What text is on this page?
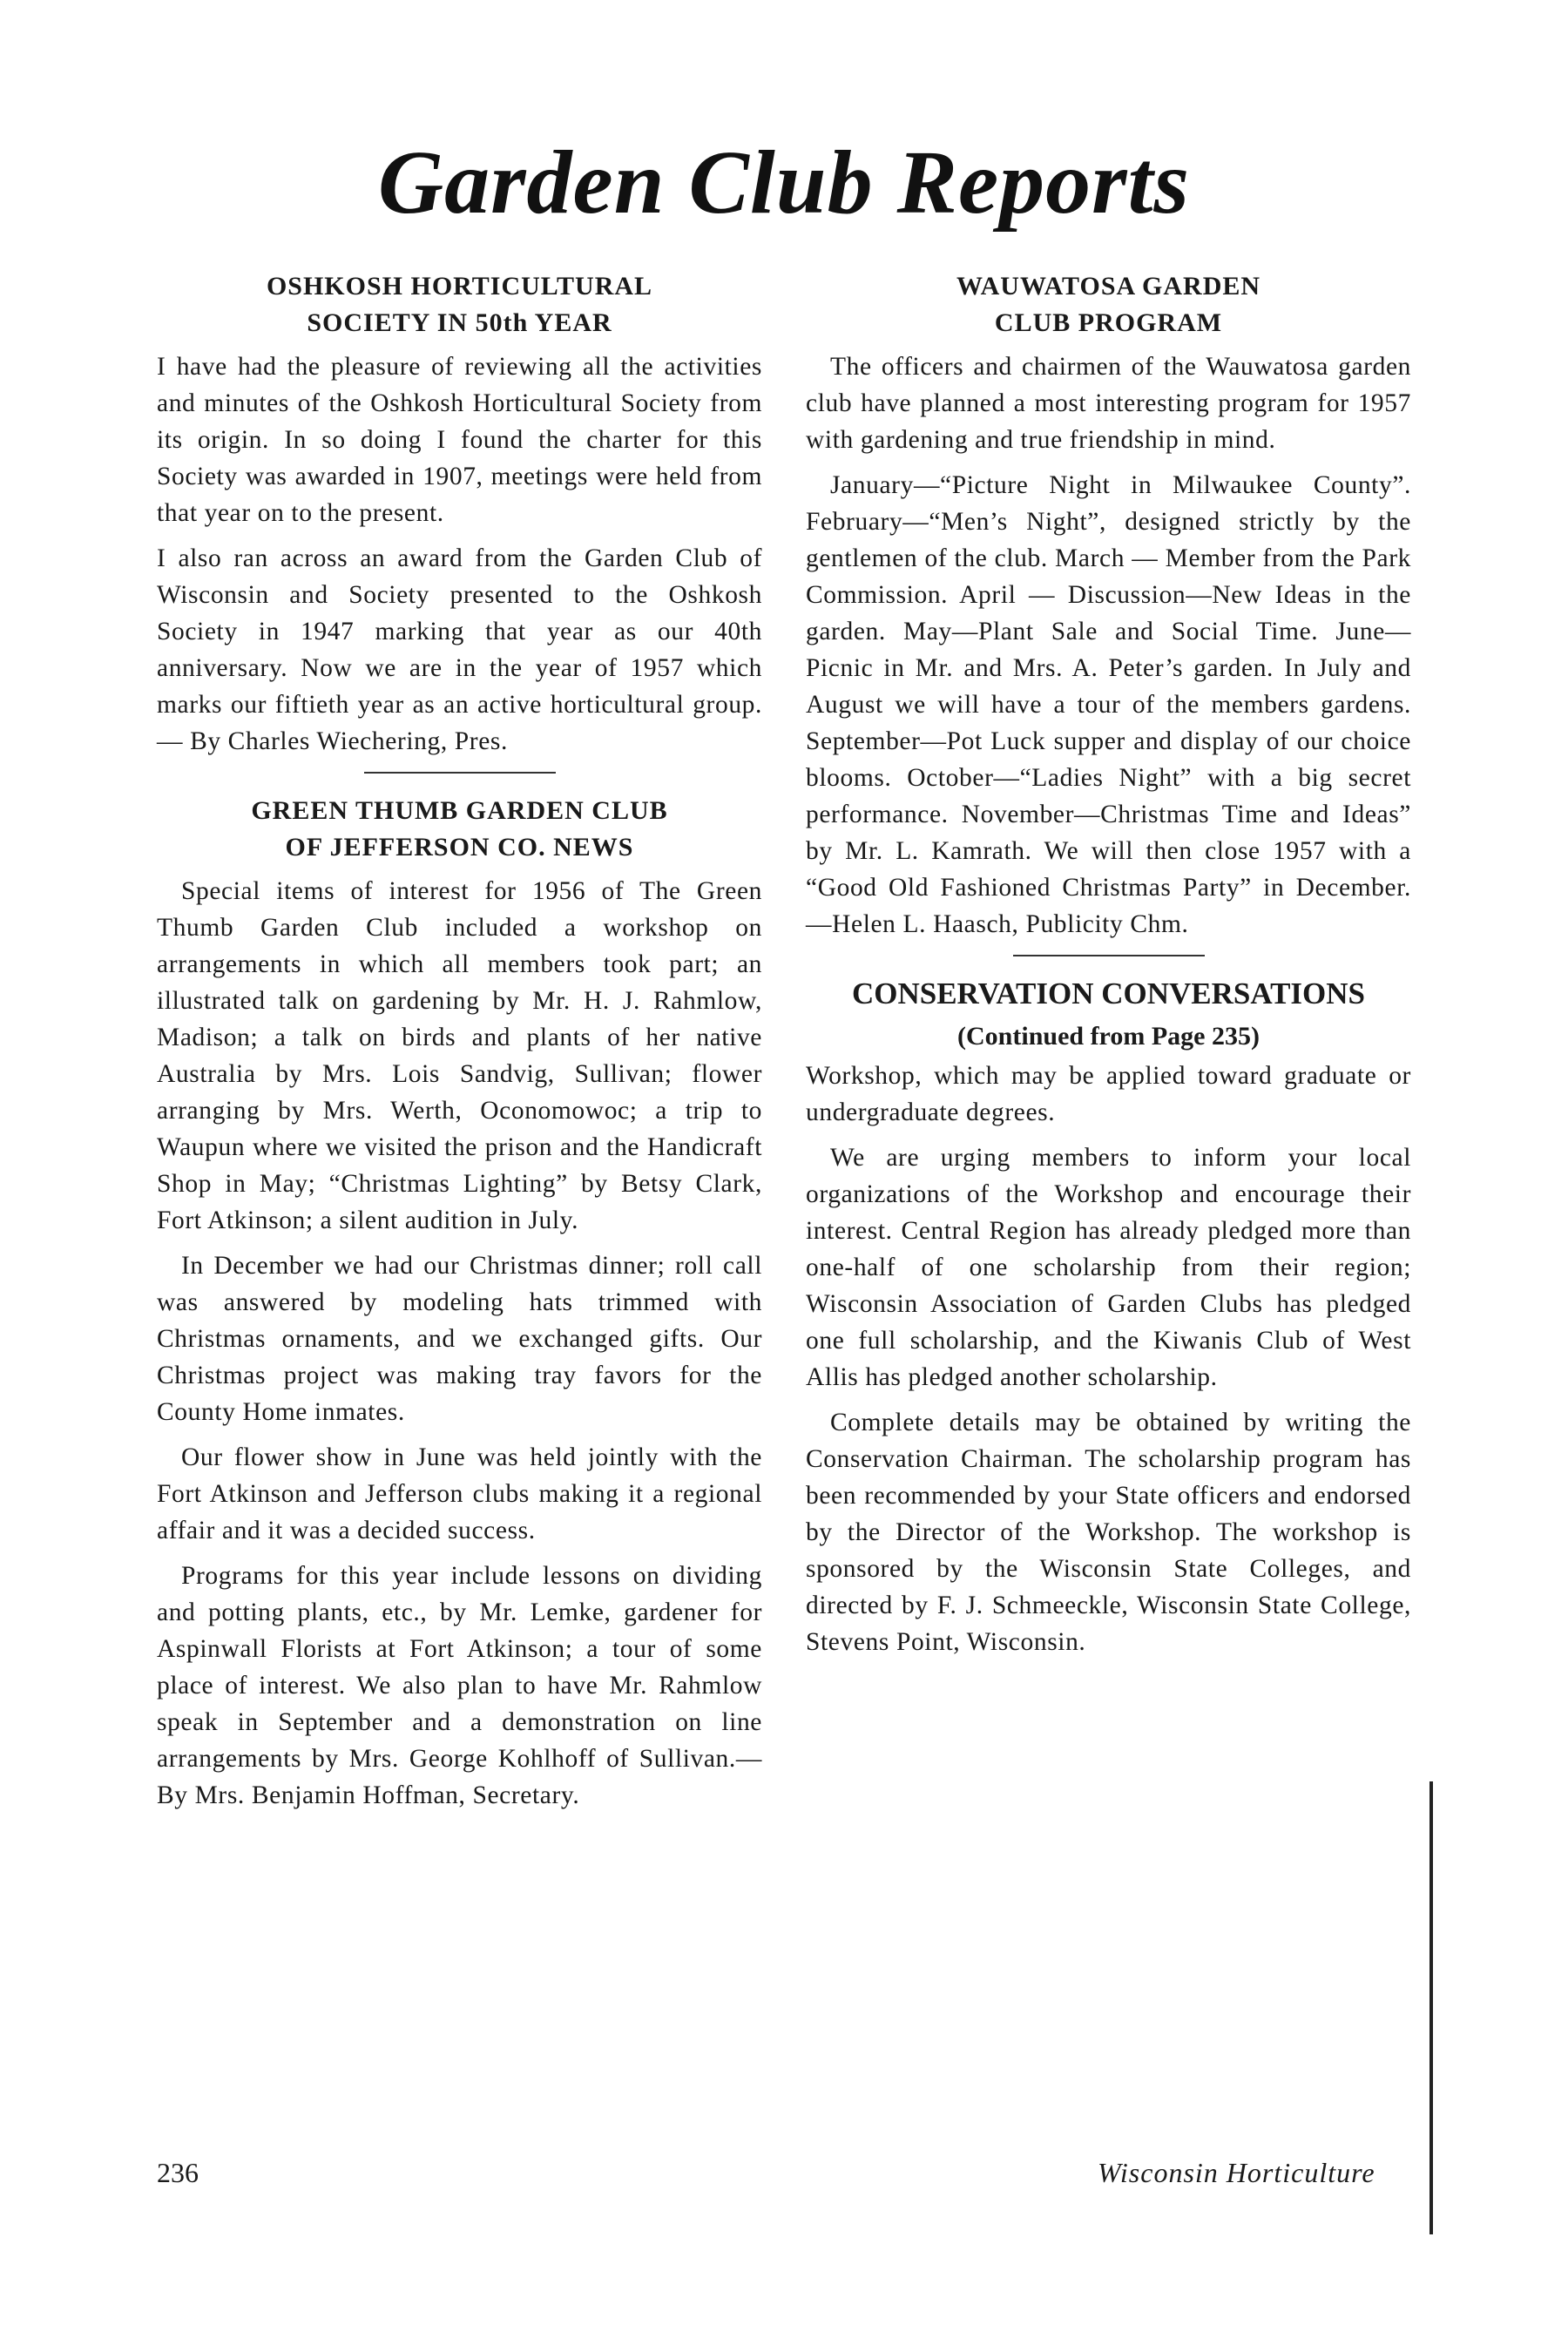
Garden Club Reports
OSHKOSH HORTICULTURAL
SOCIETY IN 50th YEAR

I have had the pleasure of reviewing all the activities and minutes of the Oshkosh Horticultural Society from its origin. In so doing I found the charter for this Society was awarded in 1907, meetings were held from that year on to the present.

I also ran across an award from the Garden Club of Wisconsin and Society presented to the Oshkosh Society in 1947 marking that year as our 40th anniversary. Now we are in the year of 1957 which marks our fiftieth year as an active horticultural group. — By Charles Wiechering, Pres.

GREEN THUMB GARDEN CLUB
OF JEFFERSON CO. NEWS

Special items of interest for 1956 of The Green Thumb Garden Club included a workshop on arrangements in which all members took part; an illustrated talk on gardening by Mr. H. J. Rahmlow, Madison; a talk on birds and plants of her native Australia by Mrs. Lois Sandvig, Sullivan; flower arranging by Mrs. Werth, Oconomowoc; a trip to Waupun where we visited the prison and the Handicraft Shop in May; “Christmas Lighting” by Betsy Clark, Fort Atkinson; a silent audition in July.

In December we had our Christmas dinner; roll call was answered by modeling hats trimmed with Christmas ornaments, and we exchanged gifts. Our Christmas project was making tray favors for the County Home inmates.

Our flower show in June was held jointly with the Fort Atkinson and Jefferson clubs making it a regional affair and it was a decided success.

Programs for this year include lessons on dividing and potting plants, etc., by Mr. Lemke, gardener for Aspinwall Florists at Fort Atkinson; a tour of some place of interest. We also plan to have Mr. Rahmlow speak in September and a demonstration on line arrangements by Mrs. George Kohlhoff of Sullivan.—By Mrs. Benjamin Hoffman, Secretary.

WAUWATOSA GARDEN
CLUB PROGRAM

The officers and chairmen of the Wauwatosa garden club have planned a most interesting program for 1957 with gardening and true friendship in mind.

January—“Picture Night in Milwaukee County”. February—“Men’s Night”, designed strictly by the gentlemen of the club. March — Member from the Park Commission. April — Discussion—New Ideas in the garden. May—Plant Sale and Social Time. June—Picnic in Mr. and Mrs. A. Peter’s garden. In July and August we will have a tour of the members gardens. September—Pot Luck supper and display of our choice blooms. October—“Ladies Night” with a big secret performance. November—Christmas Time and Ideas” by Mr. L. Kamrath. We will then close 1957 with a “Good Old Fashioned Christmas Party” in December. —Helen L. Haasch, Publicity Chm.

CONSERVATION CONVERSATIONS
(Continued from Page 235)

Workshop, which may be applied toward graduate or undergraduate degrees.

We are urging members to inform your local organizations of the Workshop and encourage their interest. Central Region has already pledged more than one-half of one scholarship from their region; Wisconsin Association of Garden Clubs has pledged one full scholarship, and the Kiwanis Club of West Allis has pledged another scholarship.

Complete details may be obtained by writing the Conservation Chairman. The scholarship program has been recommended by your State officers and endorsed by the Director of the Workshop. The workshop is sponsored by the Wisconsin State Colleges, and directed by F. J. Schmeeckle, Wisconsin State College, Stevens Point, Wisconsin.

236	Wisconsin Horticulture
